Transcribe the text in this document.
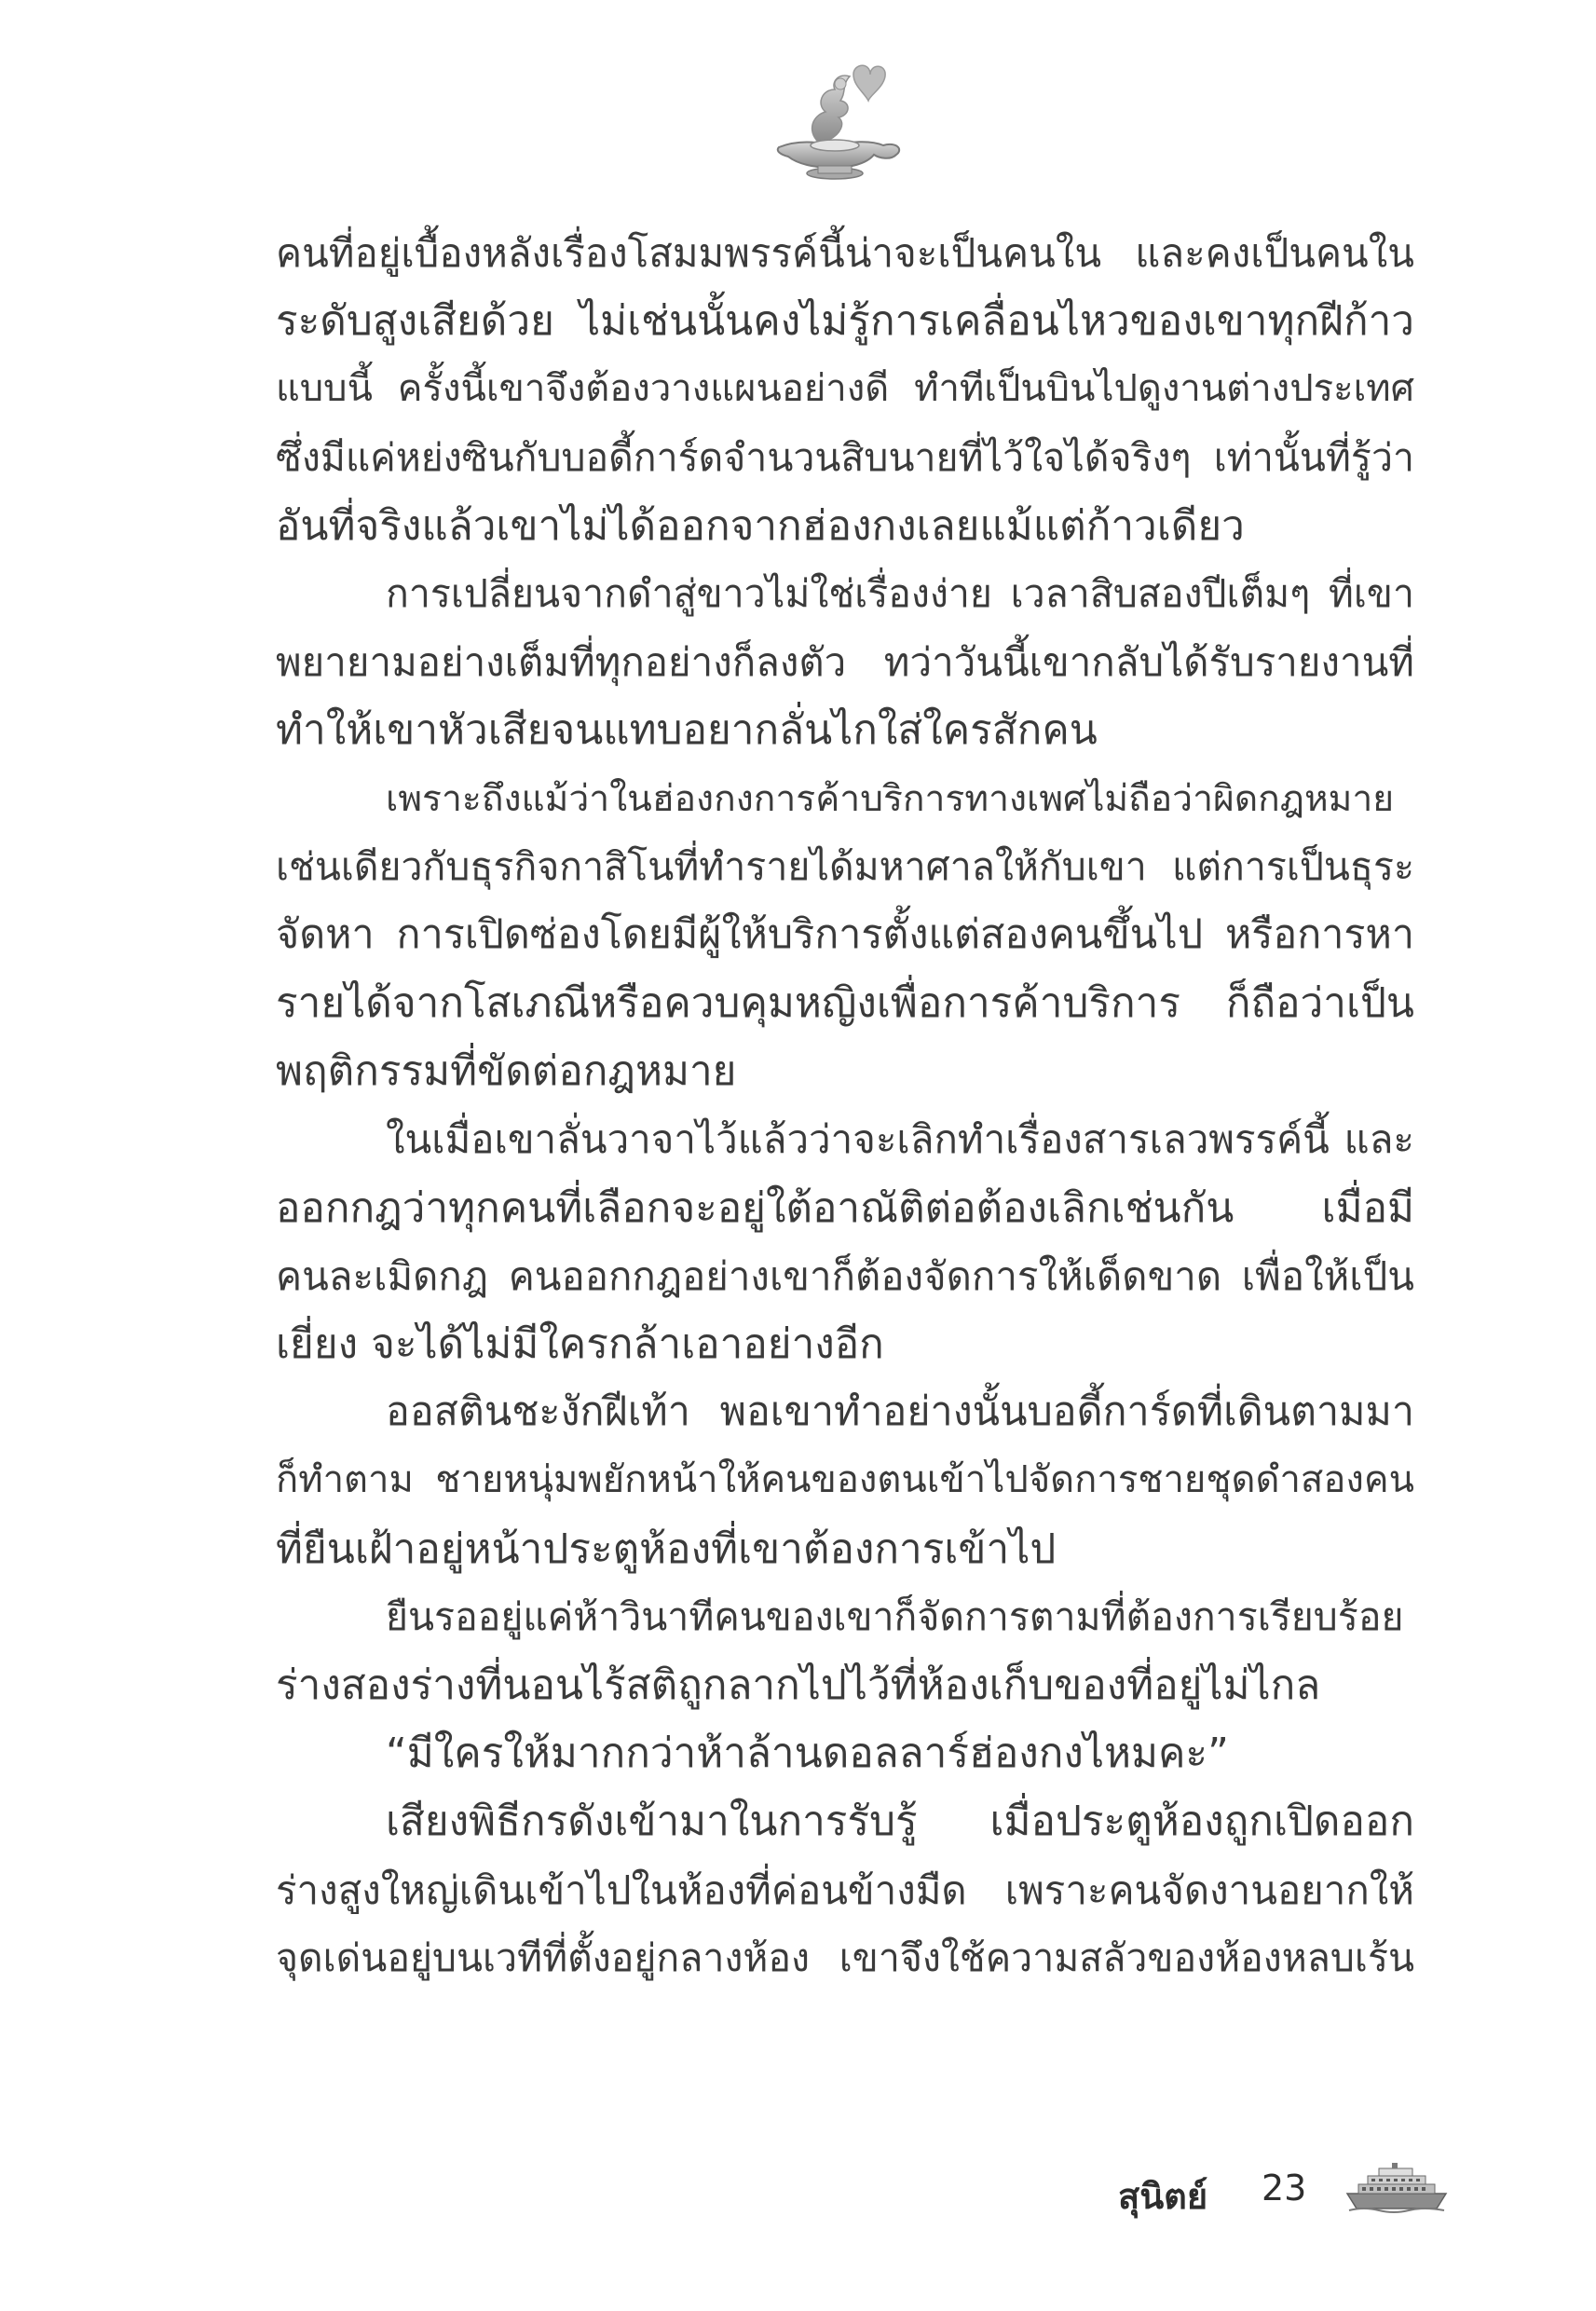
คนที่อยู่เบื้องหลังเรื่องโสมมพรรค์นี้น่าจะเป็นคนใน และคงเป็นคนใน
ระดับสูงเสียด้วย ไม่เช่นนั้นคงไม่รู้การเคลื่อนไหวของเขาทุกฝีก้าว
แบบนี้ ครั้งนี้เขาจึงต้องวางแผนอย่างดี ทำทีเป็นบินไปดูงานต่างประเทศ
ซึ่งมีแค่หย่งซินกับบอดี้การ์ดจำนวนสิบนายที่ไว้ใจได้จริงๆ เท่านั้นที่รู้ว่า
อันที่จริงแล้วเขาไม่ได้ออกจากฮ่องกงเลยแม้แต่ก้าวเดียว
การเปลี่ยนจากดำสู่ขาวไม่ใช่เรื่องง่าย เวลาสิบสองปีเต็มๆ ที่เขา
พยายามอย่างเต็มที่ทุกอย่างก็ลงตัว ทว่าวันนี้เขากลับได้รับรายงานที่
ทำให้เขาหัวเสียจนแทบอยากลั่นไกใส่ใครสักคน
เพราะถึงแม้ว่าในฮ่องกงการค้าบริการทางเพศไม่ถือว่าผิดกฎหมาย
เช่นเดียวกับธุรกิจกาสิโนที่ทำรายได้มหาศาลให้กับเขา แต่การเป็นธุระ
จัดหา การเปิดซ่องโดยมีผู้ให้บริการตั้งแต่สองคนขึ้นไป หรือการหา
รายได้จากโสเภณีหรือควบคุมหญิงเพื่อการค้าบริการ ก็ถือว่าเป็น
พฤติกรรมที่ขัดต่อกฎหมาย
ในเมื่อเขาลั่นวาจาไว้แล้วว่าจะเลิกทำเรื่องสารเลวพรรค์นี้ และ
ออกกฎว่าทุกคนที่เลือกจะอยู่ใต้อาณัติต่อต้องเลิกเช่นกัน เมื่อมี
คนละเมิดกฎ คนออกกฎอย่างเขาก็ต้องจัดการให้เด็ดขาด เพื่อให้เป็น
เยี่ยง จะได้ไม่มีใครกล้าเอาอย่างอีก
ออสตินชะงักฝีเท้า พอเขาทำอย่างนั้นบอดี้การ์ดที่เดินตามมา
ก็ทำตาม ชายหนุ่มพยักหน้าให้คนของตนเข้าไปจัดการชายชุดดำสองคน
ที่ยืนเฝ้าอยู่หน้าประตูห้องที่เขาต้องการเข้าไป
ยืนรออยู่แค่ห้าวินาทีคนของเขาก็จัดการตามที่ต้องการเรียบร้อย
ร่างสองร่างที่นอนไร้สติถูกลากไปไว้ที่ห้องเก็บของที่อยู่ไม่ไกล
“มีใครให้มากกว่าห้าล้านดอลลาร์ฮ่องกงไหมคะ”
เสียงพิธีกรดังเข้ามาในการรับรู้ เมื่อประตูห้องถูกเปิดออก
ร่างสูงใหญ่เดินเข้าไปในห้องที่ค่อนข้างมืด เพราะคนจัดงานอยากให้
จุดเด่นอยู่บนเวทีที่ตั้งอยู่กลางห้อง เขาจึงใช้ความสลัวของห้องหลบเร้น
สุนิตย์ 23
